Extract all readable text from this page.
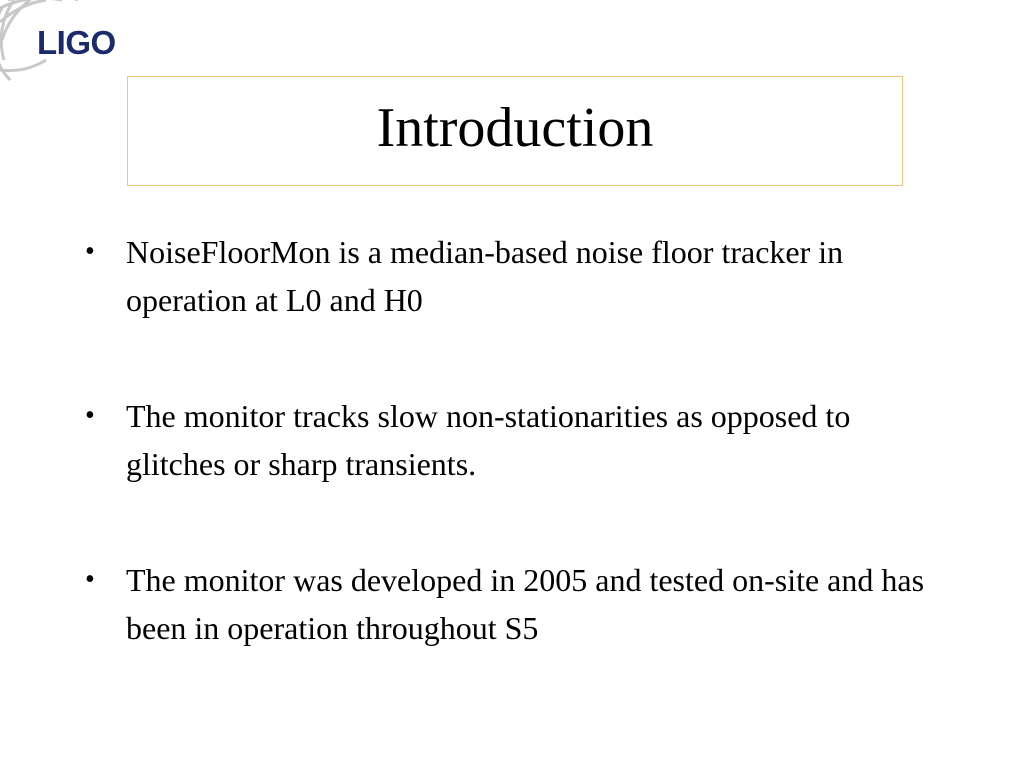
LIGO
Introduction
• NoiseFloorMon is a median-based noise floor tracker in operation at L0 and H0
• The monitor tracks slow non-stationarities as opposed to glitches or sharp transients.
• The monitor was developed in 2005 and tested on-site and has been in operation throughout S5
